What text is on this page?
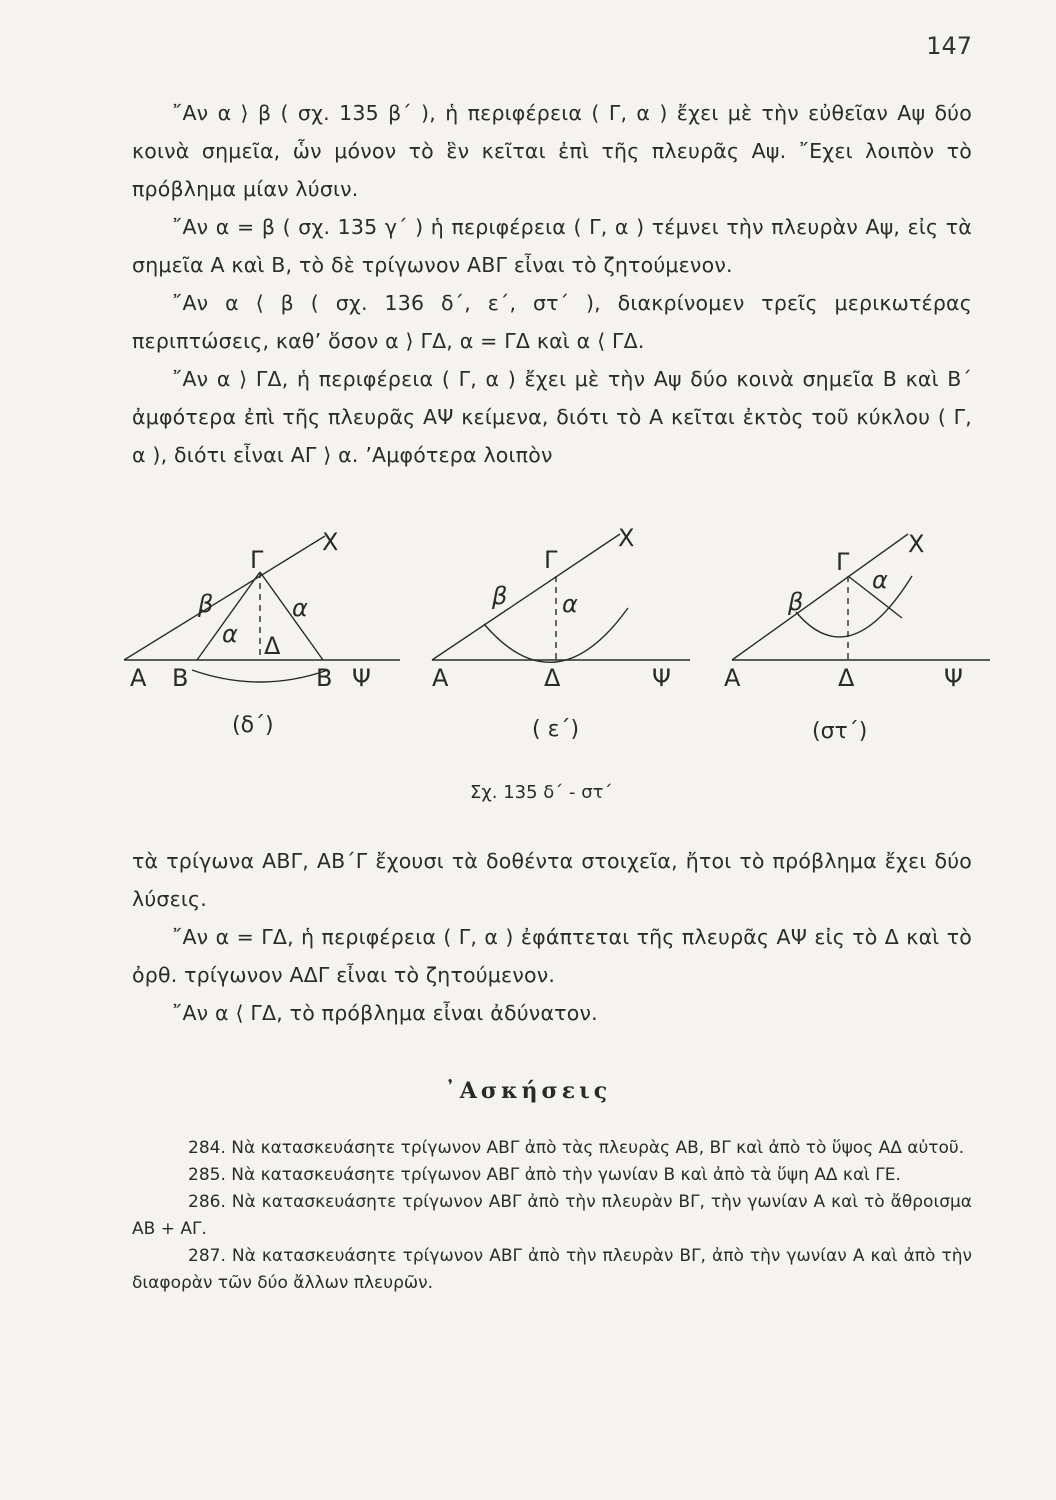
147

῎Αν α ⟩ β ( σχ. 135 β΄ ), ἡ περιφέρεια ( Γ, α ) ἔχει μὲ τὴν εὐθεῖαν Αψ δύο κοινὰ σημεῖα, ὧν μόνον τὸ ἓν κεῖται ἐπὶ τῆς πλευρᾶς Αψ. ῎Εχει λοιπὸν τὸ πρόβλημα μίαν λύσιν.

῎Αν α = β ( σχ. 135 γ΄ ) ἡ περιφέρεια ( Γ, α ) τέμνει τὴν πλευρὰν Αψ, εἰς τὰ σημεῖα Α καὶ Β, τὸ δὲ τρίγωνον ΑΒΓ εἶναι τὸ ζητούμενον.

῎Αν α ⟨ β ( σχ. 136 δ΄, ε΄, στ΄ ), διακρίνομεν τρεῖς μερικωτέρας περιπτώσεις, καθ’ ὅσον α ⟩ ΓΔ, α = ΓΔ καὶ α ⟨ ΓΔ.

῎Αν α ⟩ ΓΔ, ἡ περιφέρεια ( Γ, α ) ἔχει μὲ τὴν Αψ δύο κοινὰ σημεῖα Β καὶ Β΄ ἀμφότερα ἐπὶ τῆς πλευρᾶς ΑΨ κείμενα, διότι τὸ Α κεῖται ἐκτὸς τοῦ κύκλου ( Γ, α ), διότι εἶναι ΑΓ ⟩ α. ’Αμφότερα λοιπὸν

Χ
Γ
β	α
α Δ
Α Β	Β Ψ
(δ΄)
Χ
Γ
β α
Α	Δ	Ψ
( ε΄)
Χ
Γ
β
α
Α	Δ	Ψ
(στ΄)
Σχ. 135 δ΄ - στ΄

τὰ τρίγωνα ΑΒΓ, ΑΒ΄Γ ἔχουσι τὰ δοθέντα στοιχεῖα, ἤτοι τὸ πρόβλημα ἔχει δύο λύσεις.

῎Αν α = ΓΔ, ἡ περιφέρεια ( Γ, α ) ἐφάπτεται τῆς πλευρᾶς ΑΨ εἰς τὸ Δ καὶ τὸ ὀρθ. τρίγωνον ΑΔΓ εἶναι τὸ ζητούμενον.

῎Αν α ⟨ ΓΔ, τὸ πρόβλημα εἶναι ἀδύνατον.

᾿Ασκήσεις
284. Νὰ κατασκευάσητε τρίγωνον ΑΒΓ ἀπὸ τὰς πλευρὰς ΑΒ, ΒΓ καὶ ἀπὸ τὸ ὕψος ΑΔ αὐτοῦ.
285. Νὰ κατασκευάσητε τρίγωνον ΑΒΓ ἀπὸ τὴν γωνίαν Β καὶ ἀπὸ τὰ ὕψη ΑΔ καὶ ΓΕ.
286. Νὰ κατασκευάσητε τρίγωνον ΑΒΓ ἀπὸ τὴν πλευρὰν ΒΓ, τὴν γωνίαν Α καὶ τὸ ἄθροισμα ΑΒ + ΑΓ.
287. Νὰ κατασκευάσητε τρίγωνον ΑΒΓ ἀπὸ τὴν πλευρὰν ΒΓ, ἀπὸ τὴν γωνίαν Α καὶ ἀπὸ τὴν διαφορὰν τῶν δύο ἄλλων πλευρῶν.
